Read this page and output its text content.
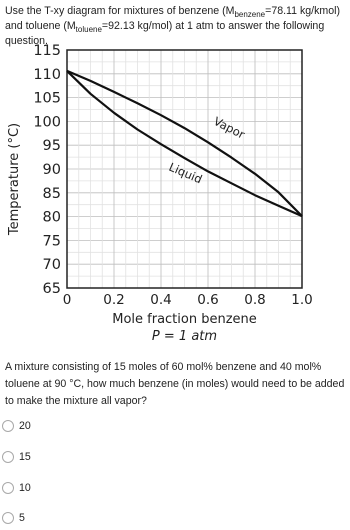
Use the T-xy diagram for mixtures of benzene ($M_{benzene}=78.11$ kg/kmol) and toluene ($M_{toluene}=92.13$ kg/mol) at 1 atm to answer the following question.
65
70
75
80
85
90
95
100
105
110
115
0 0.2 0.4 0.6 0.8 1.0
Vapor
Liquid
Temperature (°C)
Mole fraction benzene
P = 1 atm
A mixture consisting of 15 moles of 60 mol% benzene and 40 mol% toluene at 90 °C, how much benzene (in moles) would need to be added to make the mixture all vapor?
20
15
10
5
